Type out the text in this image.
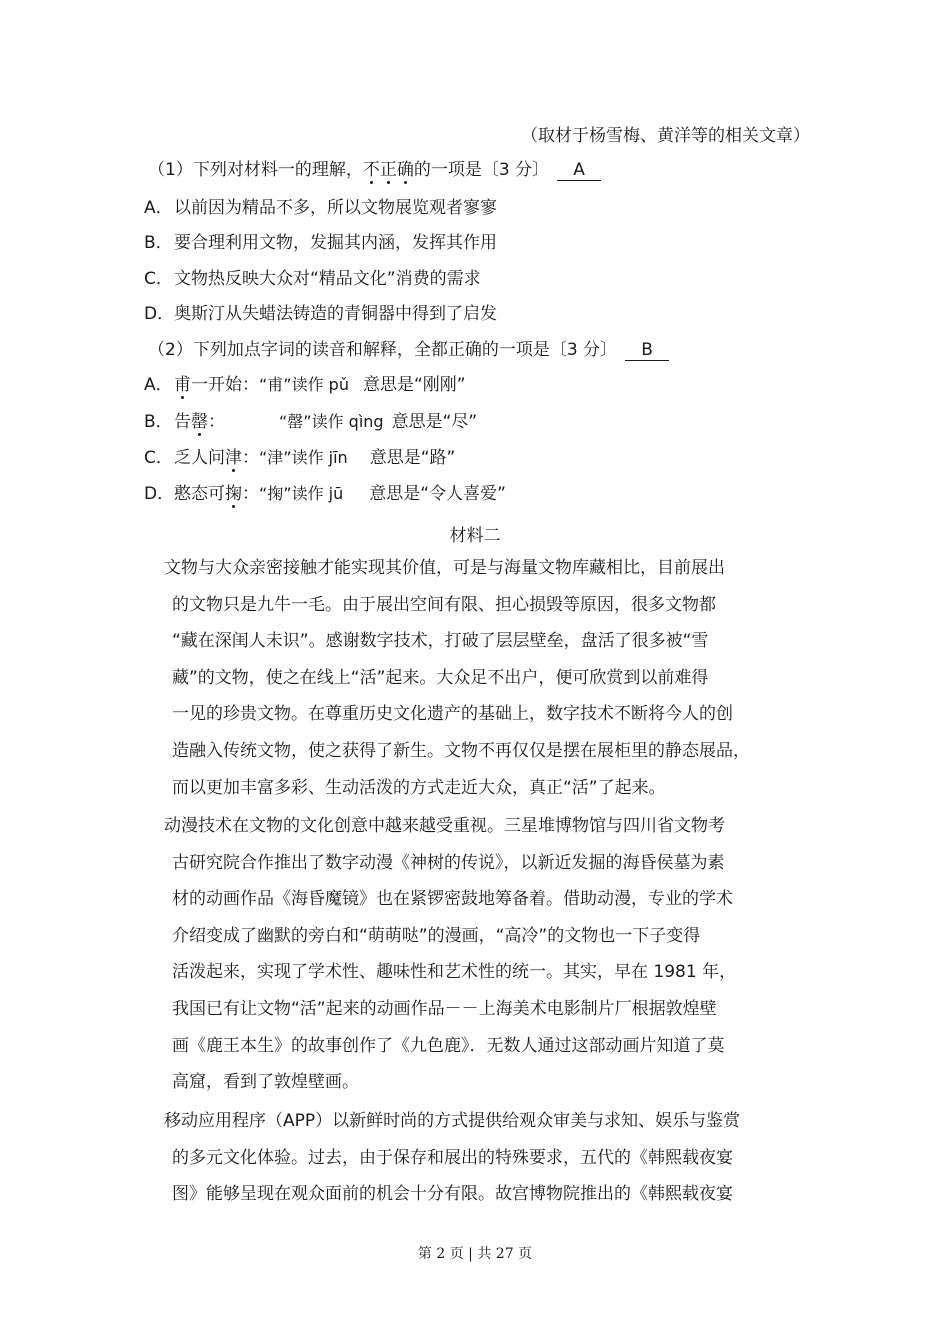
（取材于杨雪梅、黄洋等的相关文章）
（1）下列对材料一的理解，不正确的一项是〔3 分〕 A
A．以前因为精品不多，所以文物展览观者寥寥
B．要合理利用文物，发掘其内涵，发挥其作用
C．文物热反映大众对“精品文化”消费的需求
D．奥斯汀从失蜡法铸造的青铜器中得到了启发
（2）下列加点字词的读音和解释，全都正确的一项是〔3 分〕 B
A．甫一开始：“甫”读作 pǔ 意思是“刚刚”
B．告罄：	“罄”读作 qìng 意思是“尽”
C．乏人问津：“津”读作 jīn 意思是“路”
D．憨态可掬：“掬”读作 jū 意思是“令人喜爱”
材料二
文物与大众亲密接触才能实现其价值，可是与海量文物库藏相比，目前展出
的文物只是九牛一毛。由于展出空间有限、担心损毁等原因，很多文物都
“藏在深闺人未识”。感谢数字技术，打破了层层壁垒，盘活了很多被“雪
藏”的文物，使之在线上“活”起来。大众足不出户，便可欣赏到以前难得
一见的珍贵文物。在尊重历史文化遗产的基础上，数字技术不断将今人的创
造融入传统文物，使之获得了新生。文物不再仅仅是摆在展柜里的静态展品，
而以更加丰富多彩、生动活泼的方式走近大众，真正“活”了起来。
动漫技术在文物的文化创意中越来越受重视。三星堆博物馆与四川省文物考
古研究院合作推出了数字动漫《神树的传说》，以新近发掘的海昏侯墓为素
材的动画作品《海昏魔镜》也在紧锣密鼓地筹备着。借助动漫，专业的学术
介绍变成了幽默的旁白和“萌萌哒”的漫画，“高冷”的文物也一下子变得
活泼起来，实现了学术性、趣味性和艺术性的统一。其实，早在 1981 年，
我国已有让文物“活”起来的动画作品－－上海美术电影制片厂根据敦煌壁
画《鹿王本生》的故事创作了《九色鹿》．无数人通过这部动画片知道了莫
高窟，看到了敦煌壁画。
移动应用程序（APP）以新鲜时尚的方式提供给观众审美与求知、娱乐与鉴赏
的多元文化体验。过去，由于保存和展出的特殊要求，五代的《韩熙载夜宴
图》能够呈现在观众面前的机会十分有限。故宫博物院推出的《韩熙载夜宴
第 2 页 | 共 27 页
